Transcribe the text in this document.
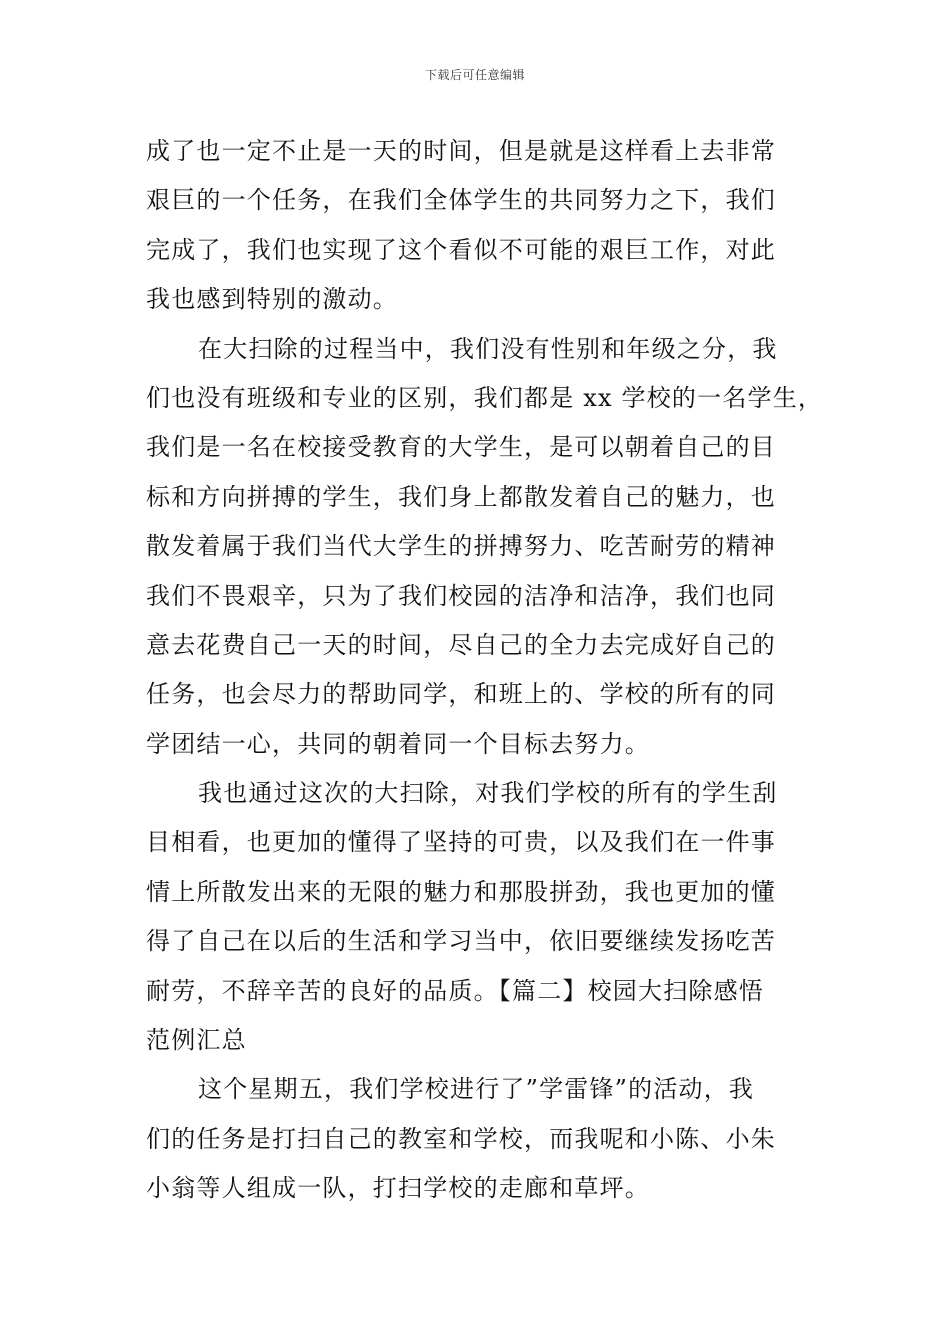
下载后可任意编辑
成了也一定不止是一天的时间，但是就是这样看上去非常
艰巨的一个任务，在我们全体学生的共同努力之下，我们
完成了，我们也实现了这个看似不可能的艰巨工作，对此
我也感到特别的激动。
在大扫除的过程当中，我们没有性别和年级之分，我
们也没有班级和专业的区别，我们都是 xx 学校的一名学生，
我们是一名在校接受教育的大学生，是可以朝着自己的目
标和方向拼搏的学生，我们身上都散发着自己的魅力，也
散发着属于我们当代大学生的拼搏努力、吃苦耐劳的精神
我们不畏艰辛，只为了我们校园的洁净和洁净，我们也同
意去花费自己一天的时间，尽自己的全力去完成好自己的
任务，也会尽力的帮助同学，和班上的、学校的所有的同
学团结一心，共同的朝着同一个目标去努力。
我也通过这次的大扫除，对我们学校的所有的学生刮
目相看，也更加的懂得了坚持的可贵，以及我们在一件事
情上所散发出来的无限的魅力和那股拼劲，我也更加的懂
得了自己在以后的生活和学习当中，依旧要继续发扬吃苦
耐劳，不辞辛苦的良好的品质。【篇二】校园大扫除感悟
范例汇总
这个星期五，我们学校进行了”学雷锋”的活动，我
们的任务是打扫自己的教室和学校，而我呢和小陈、小朱
小翁等人组成一队，打扫学校的走廊和草坪。
